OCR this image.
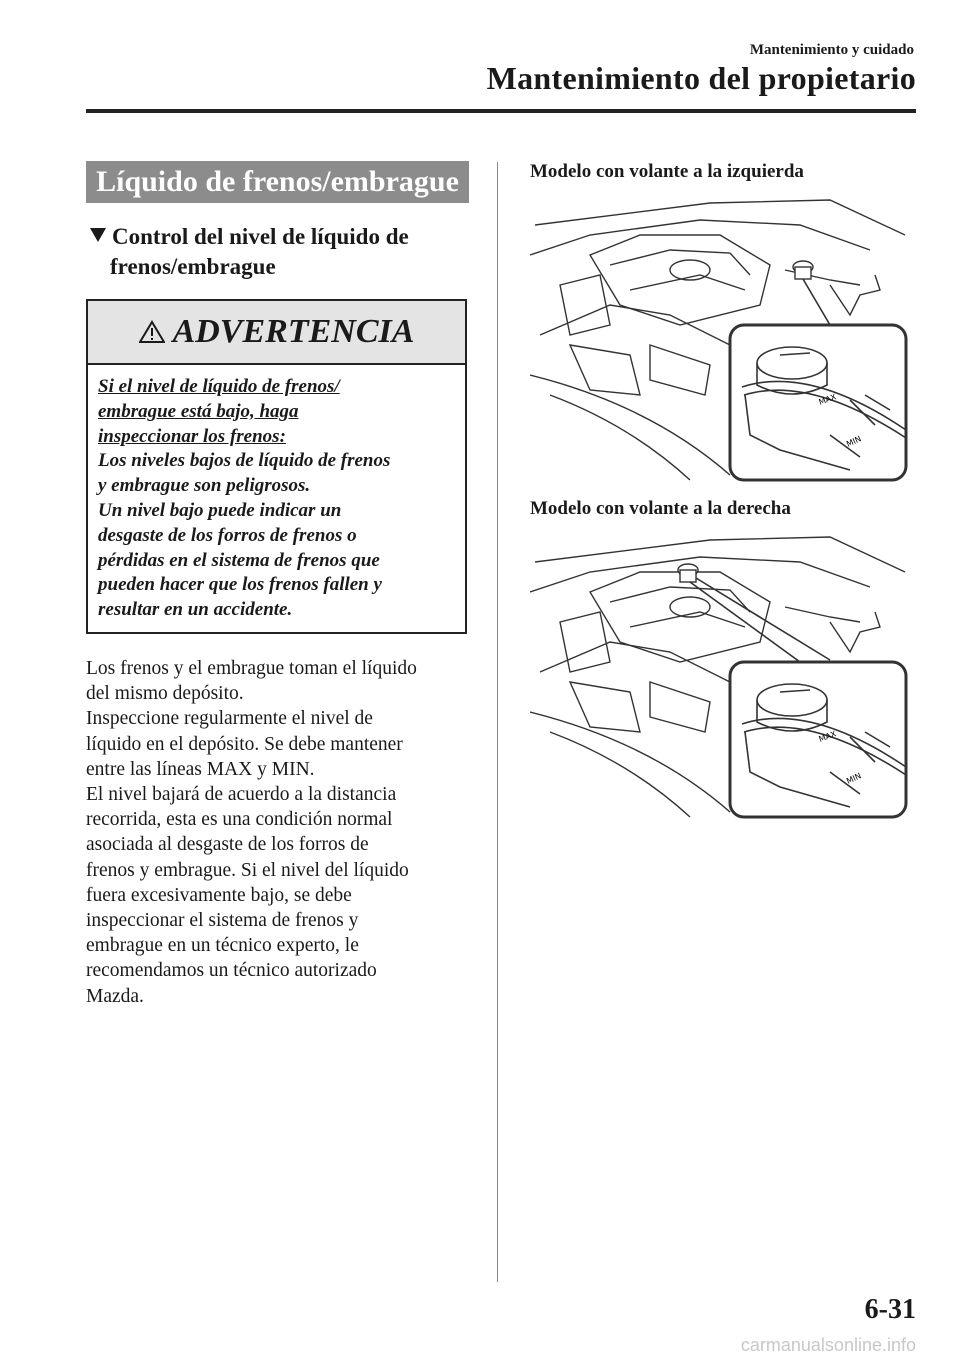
Mantenimiento y cuidado
Mantenimiento del propietario
Líquido de frenos/embrague
Control del nivel de líquido de
frenos/embrague
ADVERTENCIA
Si el nivel de líquido de frenos/
embrague está bajo, haga
inspeccionar los frenos:
Los niveles bajos de líquido de frenos
y embrague son peligrosos.
Un nivel bajo puede indicar un
desgaste de los forros de frenos o
pérdidas en el sistema de frenos que
pueden hacer que los frenos fallen y
resultar en un accidente.

Los frenos y el embrague toman el líquido

del mismo depósito.

Inspeccione regularmente el nivel de

líquido en el depósito. Se debe mantener

entre las líneas MAX y MIN.

El nivel bajará de acuerdo a la distancia

recorrida, esta es una condición normal

asociada al desgaste de los forros de

frenos y embrague. Si el nivel del líquido

fuera excesivamente bajo, se debe

inspeccionar el sistema de frenos y

embrague en un técnico experto, le

recomendamos un técnico autorizado

Mazda.

Modelo con volante a la izquierda
MAX
MIN
Modelo con volante a la derecha
MAX
MIN
6-31
carmanualsonline.info
